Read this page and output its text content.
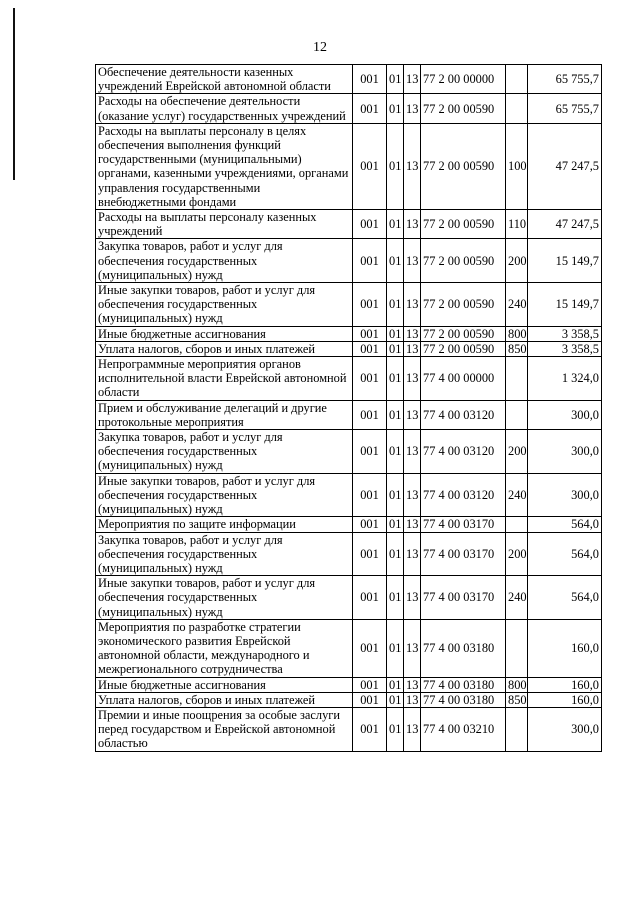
12
Обеспечение деятельности казенных учреждений Еврейской автономной области	001	01	13	77 2 00 00000		65 755,7
Расходы на обеспечение деятельности (оказание услуг) государственных учреждений	001	01	13	77 2 00 00590		65 755,7
Расходы на выплаты персоналу в целях обеспечения выполнения функций государственными (муниципальными) органами, казенными учреждениями, органами управления государственными внебюджетными фондами	001	01	13	77 2 00 00590	100	47 247,5
Расходы на выплаты персоналу казенных учреждений	001	01	13	77 2 00 00590	110	47 247,5
Закупка товаров, работ и услуг для обеспечения государственных (муниципальных) нужд	001	01	13	77 2 00 00590	200	15 149,7
Иные закупки товаров, работ и услуг для обеспечения государственных (муниципальных) нужд	001	01	13	77 2 00 00590	240	15 149,7
Иные бюджетные ассигнования	001	01	13	77 2 00 00590	800	3 358,5
Уплата налогов, сборов и иных платежей	001	01	13	77 2 00 00590	850	3 358,5
Непрограммные мероприятия органов исполнительной власти Еврейской автономной области	001	01	13	77 4 00 00000		1 324,0
Прием и обслуживание делегаций и другие протокольные мероприятия	001	01	13	77 4 00 03120		300,0
Закупка товаров, работ и услуг для обеспечения государственных (муниципальных) нужд	001	01	13	77 4 00 03120	200	300,0
Иные закупки товаров, работ и услуг для обеспечения государственных (муниципальных) нужд	001	01	13	77 4 00 03120	240	300,0
Мероприятия по защите информации	001	01	13	77 4 00 03170		564,0
Закупка товаров, работ и услуг для обеспечения государственных (муниципальных) нужд	001	01	13	77 4 00 03170	200	564,0
Иные закупки товаров, работ и услуг для обеспечения государственных (муниципальных) нужд	001	01	13	77 4 00 03170	240	564,0
Мероприятия по разработке стратегии экономического развития Еврейской автономной области, международного и межрегионального сотрудничества	001	01	13	77 4 00 03180		160,0
Иные бюджетные ассигнования	001	01	13	77 4 00 03180	800	160,0
Уплата налогов, сборов и иных платежей	001	01	13	77 4 00 03180	850	160,0
Премии и иные поощрения за особые заслуги перед государством и Еврейской автономной областью	001	01	13	77 4 00 03210		300,0
